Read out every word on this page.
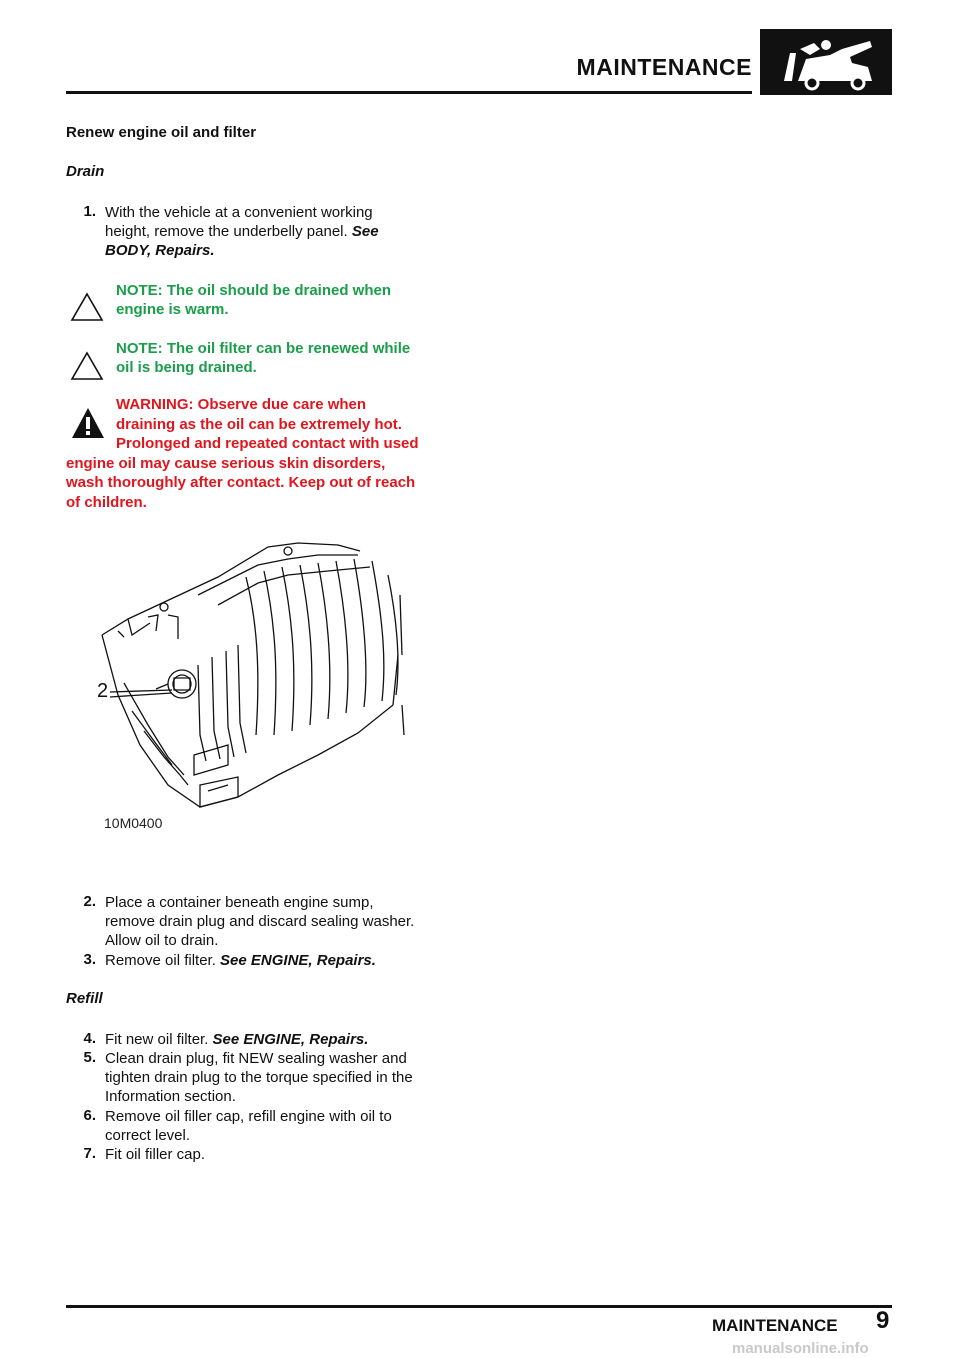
MAINTENANCE
Renew engine oil and filter
Drain
1. With the vehicle at a convenient working
height, remove the underbelly panel. See
BODY, Repairs.
NOTE: The oil should be drained when
engine is warm.
NOTE: The oil filter can be renewed while
oil is being drained.
WARNING: Observe due care when
draining as the oil can be extremely hot.
Prolonged and repeated contact with used
engine oil may cause serious skin disorders,
wash thoroughly after contact. Keep out of reach
of children.
2
10M0400
2. Place a container beneath engine sump,
remove drain plug and discard sealing washer.
Allow oil to drain.
3. Remove oil filter. See ENGINE, Repairs.
Refill
4. Fit new oil filter. See ENGINE, Repairs.
5. Clean drain plug, fit NEW sealing washer and
tighten drain plug to the torque specified in the
Information section.
6. Remove oil filler cap, refill engine with oil to
correct level.
7. Fit oil filler cap.
MAINTENANCE 9
manualsonline.info
